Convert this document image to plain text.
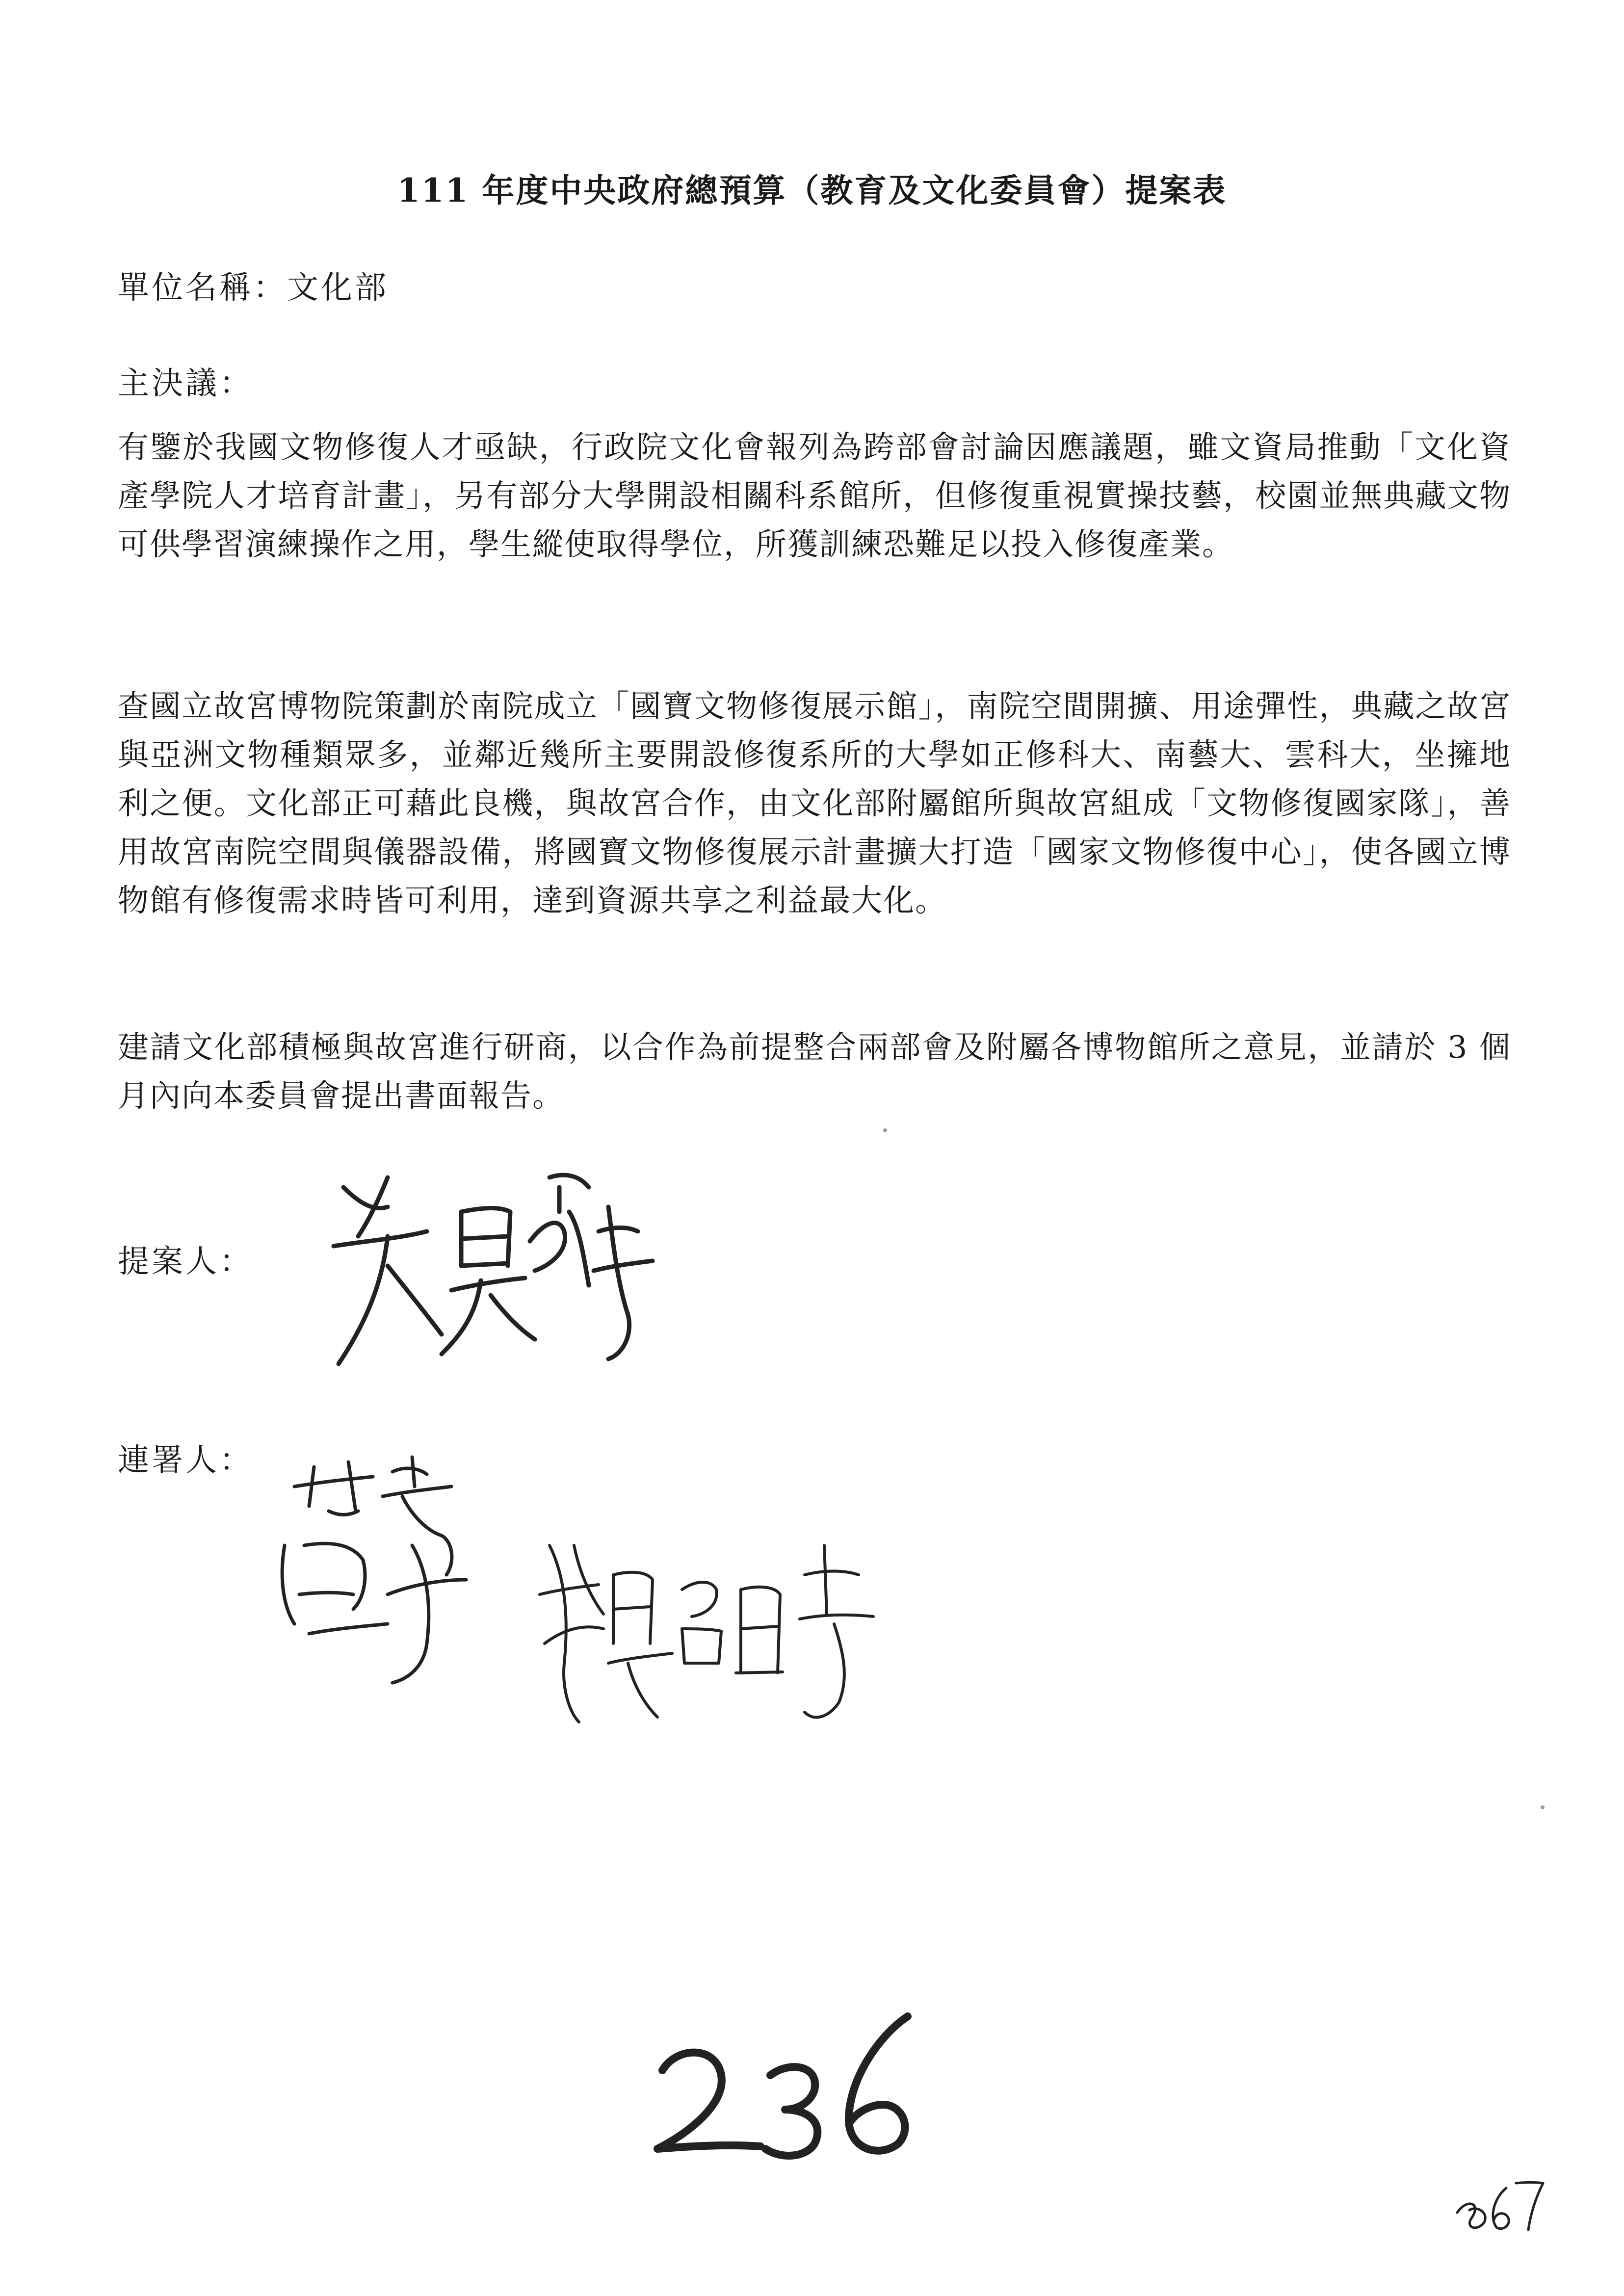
111 年度中央政府總預算（教育及文化委員會）提案表
單位名稱：文化部
主決議：

有鑒於我國文物修復人才亟缺，行政院文化會報列為跨部會討論因應議題，雖文資局推動「文化資產學院人才培育計畫」，另有部分大學開設相關科系館所，但修復重視實操技藝，校園並無典藏文物可供學習演練操作之用，學生縱使取得學位，所獲訓練恐難足以投入修復產業。

查國立故宮博物院策劃於南院成立「國寶文物修復展示館」，南院空間開擴、用途彈性，典藏之故宮與亞洲文物種類眾多，並鄰近幾所主要開設修復系所的大學如正修科大、南藝大、雲科大，坐擁地利之便。文化部正可藉此良機，與故宮合作，由文化部附屬館所與故宮組成「文物修復國家隊」，善用故宮南院空間與儀器設備，將國寶文物修復展示計畫擴大打造「國家文物修復中心」，使各國立博物館有修復需求時皆可利用，達到資源共享之利益最大化。

建請文化部積極與故宮進行研商，以合作為前提整合兩部會及附屬各博物館所之意見，並請於 3 個月內向本委員會提出書面報告。

提案人：
連署人：
